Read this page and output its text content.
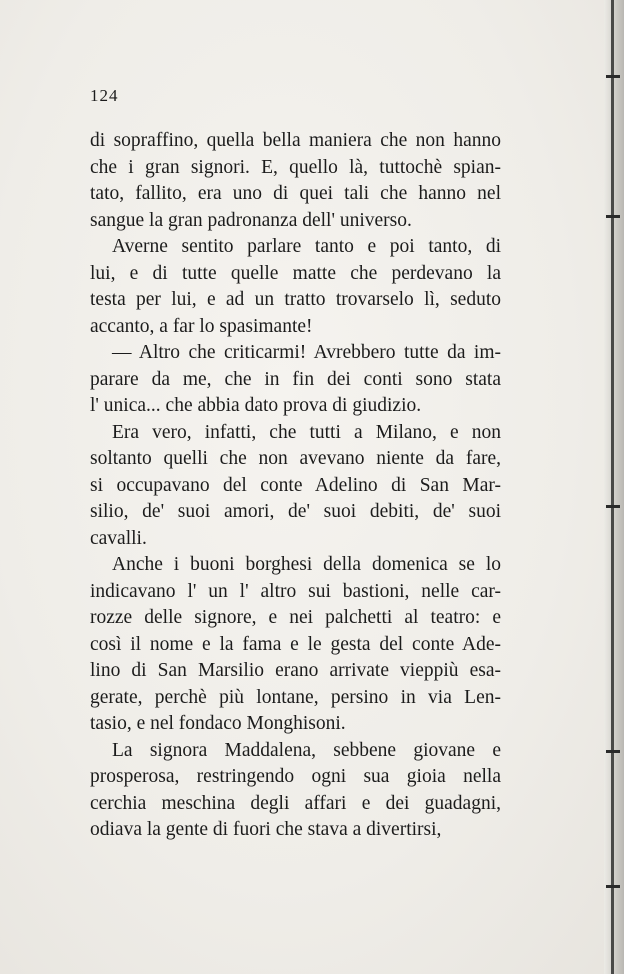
124
di sopraffino, quella bella maniera che non hanno
che i gran signori. E, quello là, tuttochè spian-
tato, fallito, era uno di quei tali che hanno nel
sangue la gran padronanza dell' universo.
Averne sentito parlare tanto e poi tanto, di
lui, e di tutte quelle matte che perdevano la
testa per lui, e ad un tratto trovarselo lì, seduto
accanto, a far lo spasimante!
— Altro che criticarmi! Avrebbero tutte da im-
parare da me, che in fin dei conti sono stata
l' unica... che abbia dato prova di giudizio.
Era vero, infatti, che tutti a Milano, e non
soltanto quelli che non avevano niente da fare,
si occupavano del conte Adelino di San Mar-
silio, de' suoi amori, de' suoi debiti, de' suoi
cavalli.
Anche i buoni borghesi della domenica se lo
indicavano l' un l' altro sui bastioni, nelle car-
rozze delle signore, e nei palchetti al teatro: e
così il nome e la fama e le gesta del conte Ade-
lino di San Marsilio erano arrivate vieppiù esa-
gerate, perchè più lontane, persino in via Len-
tasio, e nel fondaco Monghisoni.
La signora Maddalena, sebbene giovane e
prosperosa, restringendo ogni sua gioia nella
cerchia meschina degli affari e dei guadagni,
odiava la gente di fuori che stava a divertirsi,
